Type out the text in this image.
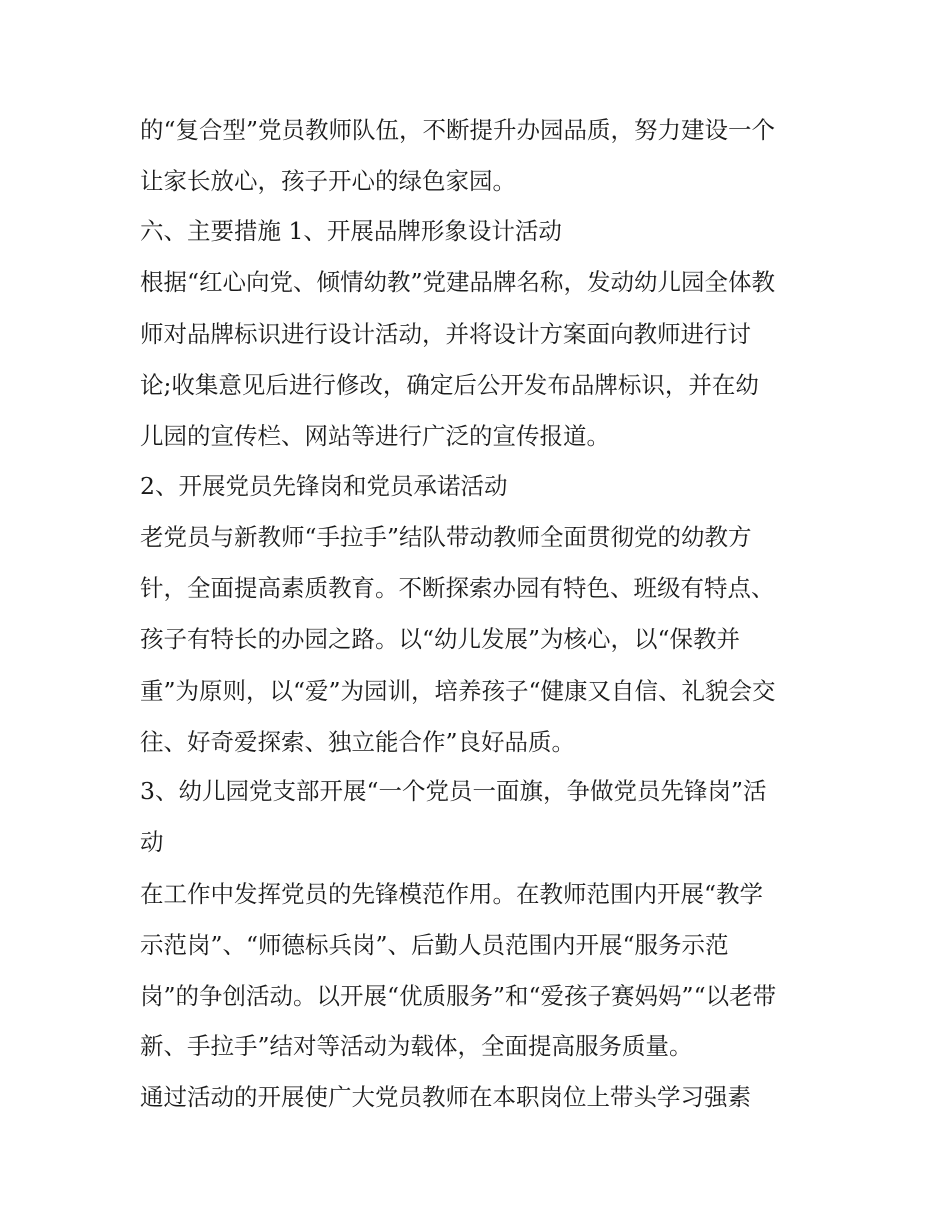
的“复合型”党员教师队伍，不断提升办园品质，努力建设一个
让家长放心，孩子开心的绿色家园。
六、主要措施 1、开展品牌形象设计活动
根据“红心向党、倾情幼教”党建品牌名称，发动幼儿园全体教
师对品牌标识进行设计活动，并将设计方案面向教师进行讨
论;收集意见后进行修改，确定后公开发布品牌标识，并在幼
儿园的宣传栏、网站等进行广泛的宣传报道。
2、开展党员先锋岗和党员承诺活动
老党员与新教师“手拉手”结队带动教师全面贯彻党的幼教方
针，全面提高素质教育。不断探索办园有特色、班级有特点、
孩子有特长的办园之路。以“幼儿发展”为核心，以“保教并
重”为原则，以“爱”为园训，培养孩子“健康又自信、礼貌会交
往、好奇爱探索、独立能合作”良好品质。
3、幼儿园党支部开展“一个党员一面旗，争做党员先锋岗”活
动
在工作中发挥党员的先锋模范作用。在教师范围内开展“教学
示范岗”、“师德标兵岗”、后勤人员范围内开展“服务示范
岗”的争创活动。以开展“优质服务”和“爱孩子赛妈妈”“以老带
新、手拉手”结对等活动为载体，全面提高服务质量。
通过活动的开展使广大党员教师在本职岗位上带头学习强素
